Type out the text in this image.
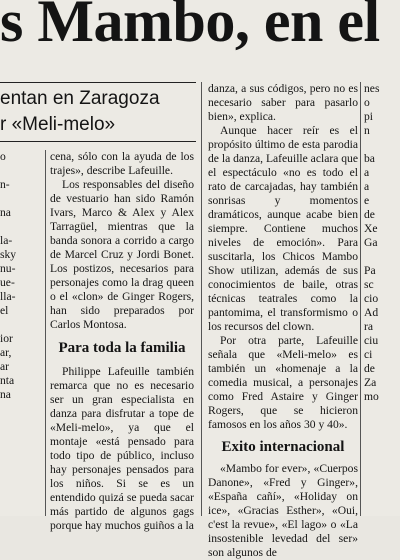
s Mambo, en el
entan en Zaragoza
r «Meli-melo»
o

n-

na

la-
sky
nu-
ue-
lla-
el

ior
ar,
ar
nta
na

cena, sólo con la ayuda de los trajes», describe Lafeuille.

Los responsables del diseño de vestuario han sido Ramón Ivars, Marco & Alex y Alex Tarragüel, mientras que la banda sonora a corrido a cargo de Marcel Cruz y Jordi Bonet. Los postizos, necesarios para personajes como la drag queen o el «clon» de Ginger Rogers, han sido preparados por Carlos Montosa.

Para toda la familia

Philippe Lafeuille también remarca que no es necesario ser un gran especialista en danza para disfrutar a tope de «Meli-melo», ya que el montaje «está pensado para todo tipo de público, incluso hay personajes pensados para los niños. Si se es un entendido quizá se pueda sacar más partido de algunos gags porque hay muchos guiños a la

danza, a sus códigos, pero no es necesario saber para pasarlo bien», explica.

Aunque hacer reír es el propósito último de esta parodia de la danza, Lafeuille aclara que el espectáculo «no es todo el rato de carcajadas, hay también sonrisas y momentos dramáticos, aunque acabe bien siempre. Contiene muchos niveles de emoción». Para suscitarla, los Chicos Mambo Show utilizan, además de sus conocimientos de baile, otras técnicas teatrales como la pantomima, el transformismo o los recursos del clown.

Por otra parte, Lafeuille señala que «Meli-melo» es también un «homenaje a la comedia musical, a personajes como Fred Astaire y Ginger Rogers, que se hicieron famosos en los años 30 y 40».

Exito internacional

«Mambo for ever», «Cuerpos Danone», «Fred y Ginger», «España cañí», «Holiday on ice», «Gracias Esther», «Oui, c'est la revue», «El lago» o «La insostenible levedad del ser» son algunos de

nes
o
pi
n

ba
a
a
e
de
Xe
Ga

Pa
sc
cio
Ad
ra
ciu
ci
de
Za
mo
